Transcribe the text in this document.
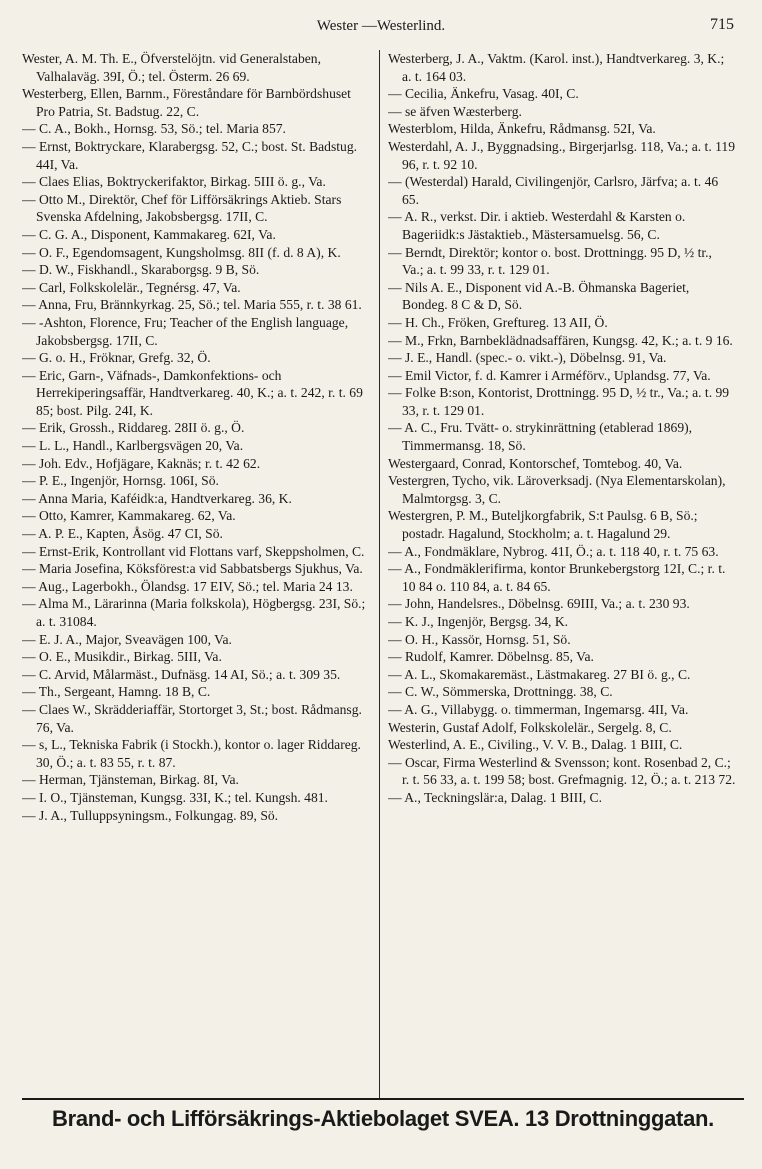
Wester —Westerlind.	715
Wester, A. M. Th. E., Öfverstelöjtn. vid Generalstaben, Valhalaväg. 39I, Ö.; tel. Österm. 26 69.
Westerberg, Ellen, Barnm., Föreståndare för Barnbördshuset Pro Patria, St. Badstug. 22, C.
— C. A., Bokh., Hornsg. 53, Sö.; tel. Maria 857.
— Ernst, Boktryckare, Klarabergsg. 52, C.; bost. St. Badstug. 44I, Va.
— Claes Elias, Boktryckerifaktor, Birkag. 5III ö. g., Va.
— Otto M., Direktör, Chef för Lifförsäkrings Aktieb. Stars Svenska Afdelning, Jakobsbergsg. 17II, C.
— C. G. A., Disponent, Kammakareg. 62I, Va.
— O. F., Egendomsagent, Kungsholmsg. 8II (f. d. 8 A), K.
— D. W., Fiskhandl., Skaraborgsg. 9 B, Sö.
— Carl, Folkskolelär., Tegnérsg. 47, Va.
— Anna, Fru, Brännkyrkag. 25, Sö.; tel. Maria 555, r. t. 38 61.
— -Ashton, Florence, Fru; Teacher of the English language, Jakobsbergsg. 17II, C.
— G. o. H., Fröknar, Grefg. 32, Ö.
— Eric, Garn-, Väfnads-, Damkonfektions- och Herrekiperingsaffär, Handtverkareg. 40, K.; a. t. 242, r. t. 69 85; bost. Pilg. 24I, K.
— Erik, Grossh., Riddareg. 28II ö. g., Ö.
— L. L., Handl., Karlbergsvägen 20, Va.
— Joh. Edv., Hofjägare, Kaknäs; r. t. 42 62.
— P. E., Ingenjör, Hornsg. 106I, Sö.
— Anna Maria, Kaféidk:a, Handtverkareg. 36, K.
— Otto, Kamrer, Kammakareg. 62, Va.
— A. P. E., Kapten, Åsög. 47 CI, Sö.
— Ernst-Erik, Kontrollant vid Flottans varf, Skeppsholmen, C.
— Maria Josefina, Köksförest:a vid Sabbatsbergs Sjukhus, Va.
— Aug., Lagerbokh., Ölandsg. 17 EIV, Sö.; tel. Maria 24 13.
— Alma M., Lärarinna (Maria folkskola), Högbergsg. 23I, Sö.; a. t. 31084.
— E. J. A., Major, Sveavägen 100, Va.
— O. E., Musikdir., Birkag. 5III, Va.
— C. Arvid, Målarmäst., Dufnäsg. 14 AI, Sö.; a. t. 309 35.
— Th., Sergeant, Hamng. 18 B, C.
— Claes W., Skrädderiaffär, Stortorget 3, St.; bost. Rådmansg. 76, Va.
— s, L., Tekniska Fabrik (i Stockh.), kontor o. lager Riddareg. 30, Ö.; a. t. 83 55, r. t. 87.
— Herman, Tjänsteman, Birkag. 8I, Va.
— I. O., Tjänsteman, Kungsg. 33I, K.; tel. Kungsh. 481.
— J. A., Tulluppsyningsm., Folkungag. 89, Sö.
Westerberg, J. A., Vaktm. (Karol. inst.), Handtverkareg. 3, K.; a. t. 164 03.
— Cecilia, Änkefru, Vasag. 40I, C.
— se äfven Wæsterberg.
Westerblom, Hilda, Änkefru, Rådmansg. 52I, Va.
Westerdahl, A. J., Byggnadsing., Birgerjarlsg. 118, Va.; a. t. 119 96, r. t. 92 10.
— (Westerdal) Harald, Civilingenjör, Carlsro, Järfva; a. t. 46 65.
— A. R., verkst. Dir. i aktieb. Westerdahl & Karsten o. Bageriidk:s Jästaktieb., Mästersamuelsg. 56, C.
— Berndt, Direktör; kontor o. bost. Drottningg. 95 D, ½ tr., Va.; a. t. 99 33, r. t. 129 01.
— Nils A. E., Disponent vid A.-B. Öhmanska Bageriet, Bondeg. 8 C & D, Sö.
— H. Ch., Fröken, Greftureg. 13 AII, Ö.
— M., Frkn, Barnbeklädnadsaffären, Kungsg. 42, K.; a. t. 9 16.
— J. E., Handl. (spec.- o. vikt.-), Döbelnsg. 91, Va.
— Emil Victor, f. d. Kamrer i Arméförv., Uplandsg. 77, Va.
— Folke B:son, Kontorist, Drottningg. 95 D, ½ tr., Va.; a. t. 99 33, r. t. 129 01.
— A. C., Fru. Tvätt- o. strykinrättning (etablerad 1869), Timmermansg. 18, Sö.
Westergaard, Conrad, Kontorschef, Tomtebog. 40, Va.
Vestergren, Tycho, vik. Läroverksadj. (Nya Elementarskolan), Malmtorgsg. 3, C.
Westergren, P. M., Buteljkorgfabrik, S:t Paulsg. 6 B, Sö.; postadr. Hagalund, Stockholm; a. t. Hagalund 29.
— A., Fondmäklare, Nybrog. 41I, Ö.; a. t. 118 40, r. t. 75 63.
— A., Fondmäklerifirma, kontor Brunkebergstorg 12I, C.; r. t. 10 84 o. 110 84, a. t. 84 65.
— John, Handelsres., Döbelnsg. 69III, Va.; a. t. 230 93.
— K. J., Ingenjör, Bergsg. 34, K.
— O. H., Kassör, Hornsg. 51, Sö.
— Rudolf, Kamrer. Döbelnsg. 85, Va.
— A. L., Skomakaremäst., Lästmakareg. 27 BI ö. g., C.
— C. W., Sömmerska, Drottningg. 38, C.
— A. G., Villabygg. o. timmerman, Ingemarsg. 4II, Va.
Westerin, Gustaf Adolf, Folkskolelär., Sergelg. 8, C.
Westerlind, A. E., Civiling., V. V. B., Dalag. 1 BIII, C.
— Oscar, Firma Westerlind & Svensson; kont. Rosenbad 2, C.; r. t. 56 33, a. t. 199 58; bost. Grefmagnig. 12, Ö.; a. t. 213 72.
— A., Teckningslär:a, Dalag. 1 BIII, C.
Brand- och Lifförsäkrings-Aktiebolaget SVEA. 13 Drottninggatan.
